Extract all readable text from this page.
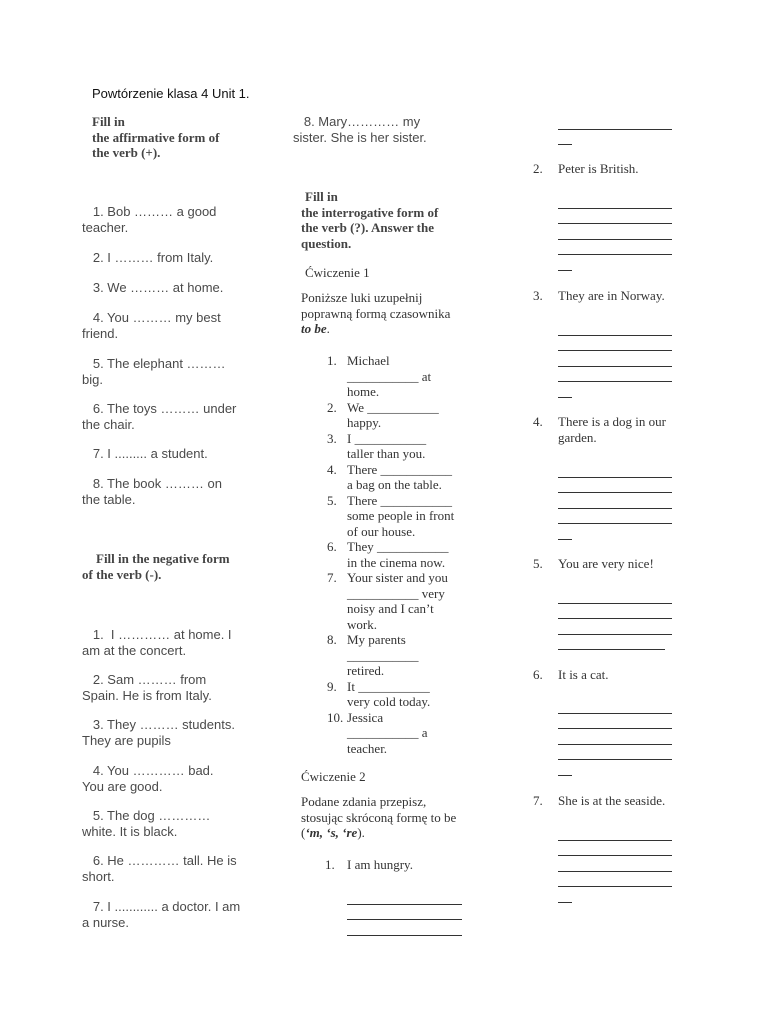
Powtórzenie klasa 4 Unit 1.
Fill in
the affirmative form of
the verb (+).
1. Bob ……… a good
teacher.
2. I ……… from Italy.
3. We ……… at home.
4. You ……… my best
friend.
5. The elephant ………
big.
6. The toys ……… under
the chair.
7. I ......... a student.
8. The book ……… on
the table.
Fill in the negative form
of the verb (-).
1.  I ………… at home. I
am at the concert.
2. Sam ……… from
Spain. He is from Italy.
3. They ……… students.
They are pupils
4. You ………… bad.
You are good.
5. The dog …………
white. It is black.
6. He ………… tall. He is
short.
7. I ............ a doctor. I am
a nurse.
8. Mary………… my
sister. She is her sister.
Fill in
the interrogative form of
the verb (?). Answer the
question.
Ćwiczenie 1
Poniższe luki uzupełnij poprawną formą czasownika to be.
1. Michael
___________ at
home.
2. We ___________
happy.
3. I ___________
taller than you.
4. There ___________
a bag on the table.
5. There ___________
some people in front
of our house.
6. They ___________
in the cinema now.
7. Your sister and you
___________ very
noisy and I can’t
work.
8. My parents
___________
retired.
9. It ___________
very cold today.
10. Jessica
___________ a
teacher.
Ćwiczenie 2
Podane zdania przepisz, stosując skróconą formę to be (‘m, ‘s, ‘re).
1. I am hungry.
2.	Peter is British.
3.	They are in Norway.
4.	There is a dog in our garden.
5.	You are very nice!
6.	It is a cat.
7.	She is at the seaside.
